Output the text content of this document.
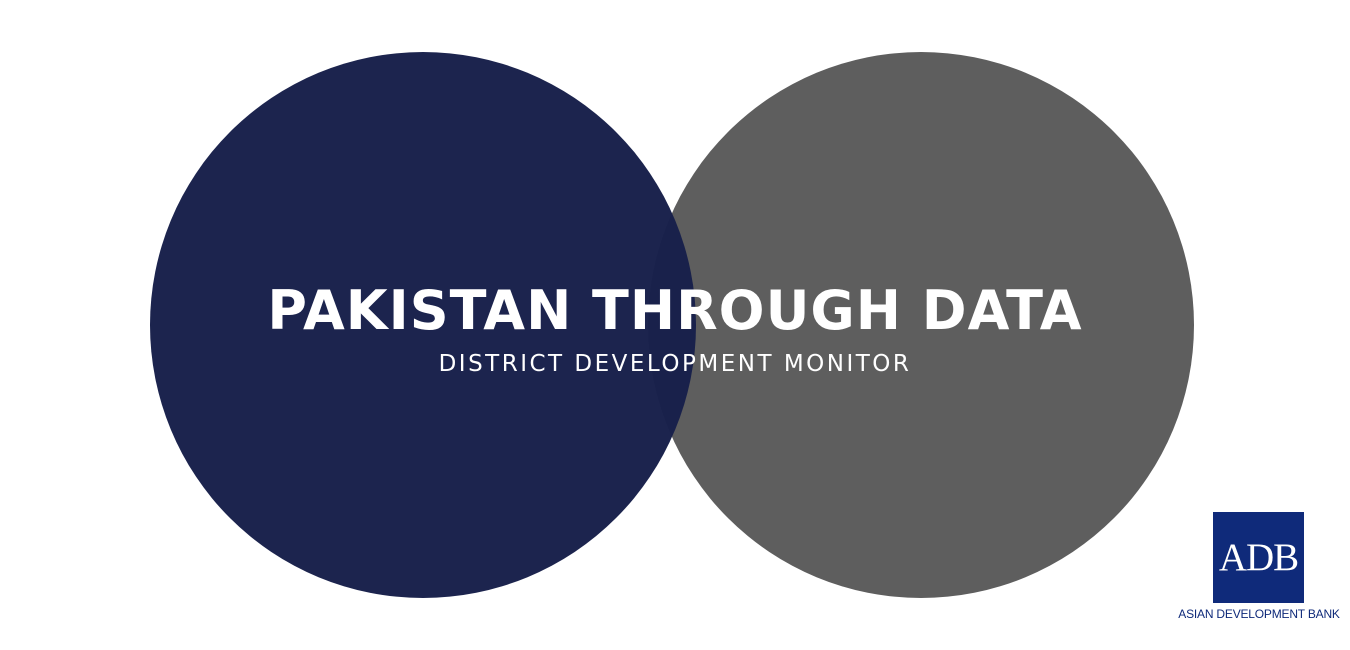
PAKISTAN THROUGH DATA
DISTRICT DEVELOPMENT MONITOR
ADB
ASIAN DEVELOPMENT BANK
